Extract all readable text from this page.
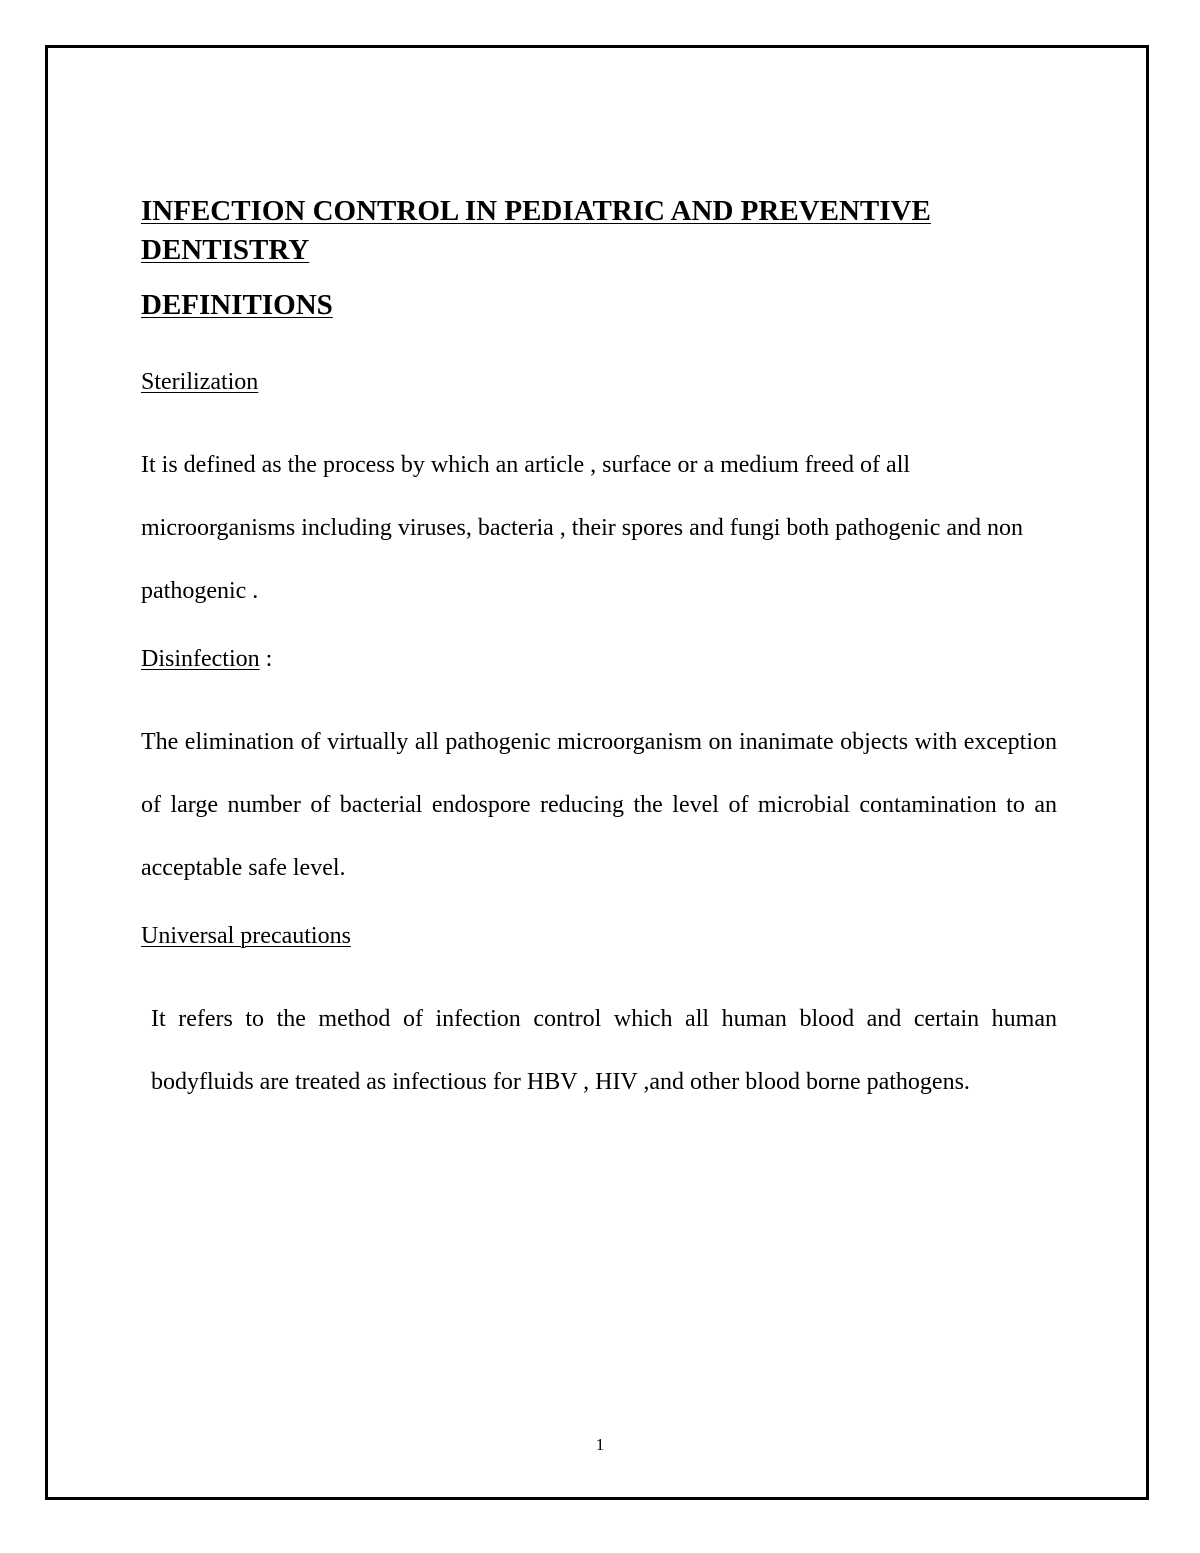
INFECTION CONTROL IN PEDIATRIC AND PREVENTIVE DENTISTRY
DEFINITIONS

Sterilization

It is defined as the process by which an article , surface or a medium freed of all microorganisms including viruses, bacteria , their spores and fungi both pathogenic and non pathogenic .

Disinfection :

The elimination of virtually all pathogenic microorganism on inanimate objects with exception of large number of bacterial endospore reducing the level of microbial contamination to an acceptable safe level.

Universal precautions

It refers to the method of infection control which all human blood and certain human bodyfluids are treated as infectious for HBV , HIV ,and other blood borne pathogens.

1
